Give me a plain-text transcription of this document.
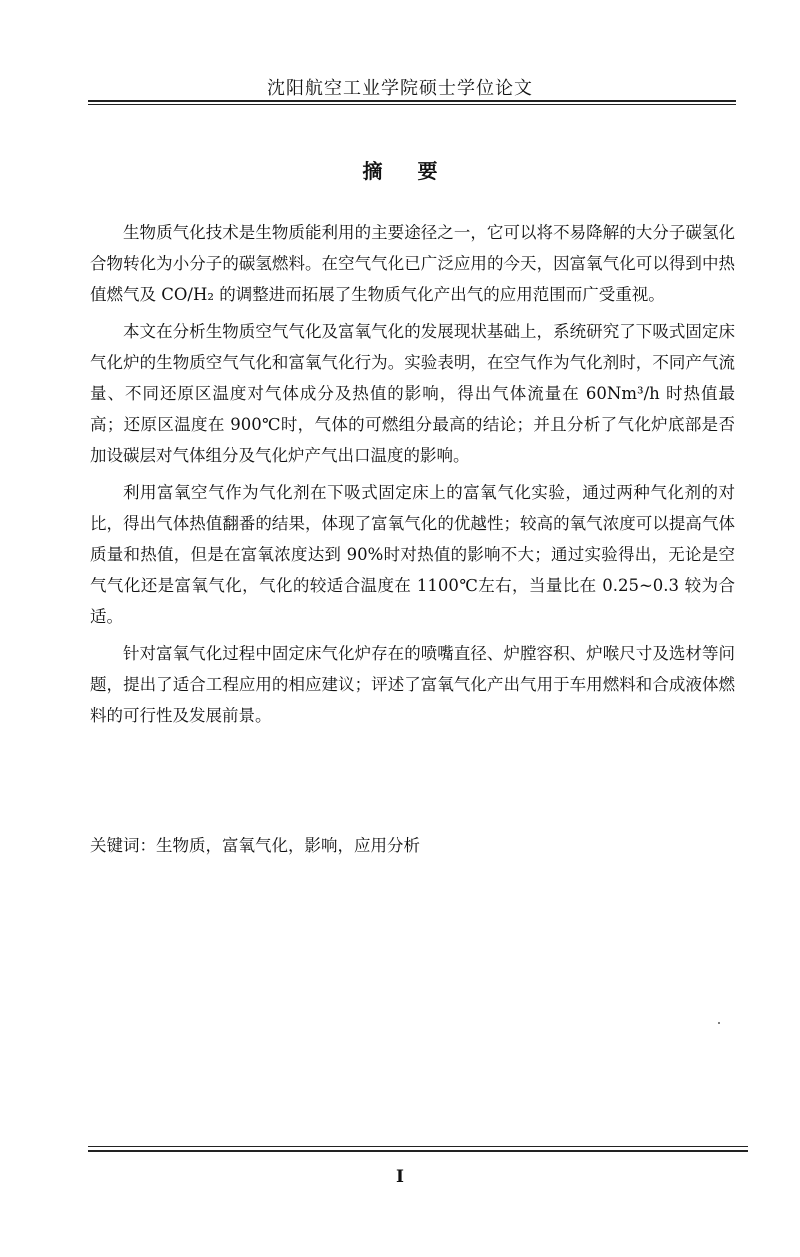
沈阳航空工业学院硕士学位论文
摘 要

生物质气化技术是生物质能利用的主要途径之一，它可以将不易降解的大分子碳氢化合物转化为小分子的碳氢燃料。在空气气化已广泛应用的今天，因富氧气化可以得到中热值燃气及 CO/H₂ 的调整进而拓展了生物质气化产出气的应用范围而广受重视。

本文在分析生物质空气气化及富氧气化的发展现状基础上，系统研究了下吸式固定床气化炉的生物质空气气化和富氧气化行为。实验表明，在空气作为气化剂时，不同产气流量、不同还原区温度对气体成分及热值的影响，得出气体流量在 60Nm³/h 时热值最高；还原区温度在 900℃时，气体的可燃组分最高的结论；并且分析了气化炉底部是否加设碳层对气体组分及气化炉产气出口温度的影响。

利用富氧空气作为气化剂在下吸式固定床上的富氧气化实验，通过两种气化剂的对比，得出气体热值翻番的结果，体现了富氧气化的优越性；较高的氧气浓度可以提高气体质量和热值，但是在富氧浓度达到 90%时对热值的影响不大；通过实验得出，无论是空气气化还是富氧气化，气化的较适合温度在 1100℃左右，当量比在 0.25~0.3 较为合适。

针对富氧气化过程中固定床气化炉存在的喷嘴直径、炉膛容积、炉喉尺寸及选材等问题，提出了适合工程应用的相应建议；评述了富氧气化产出气用于车用燃料和合成液体燃料的可行性及发展前景。

关键词：生物质，富氧气化，影响，应用分析
I
